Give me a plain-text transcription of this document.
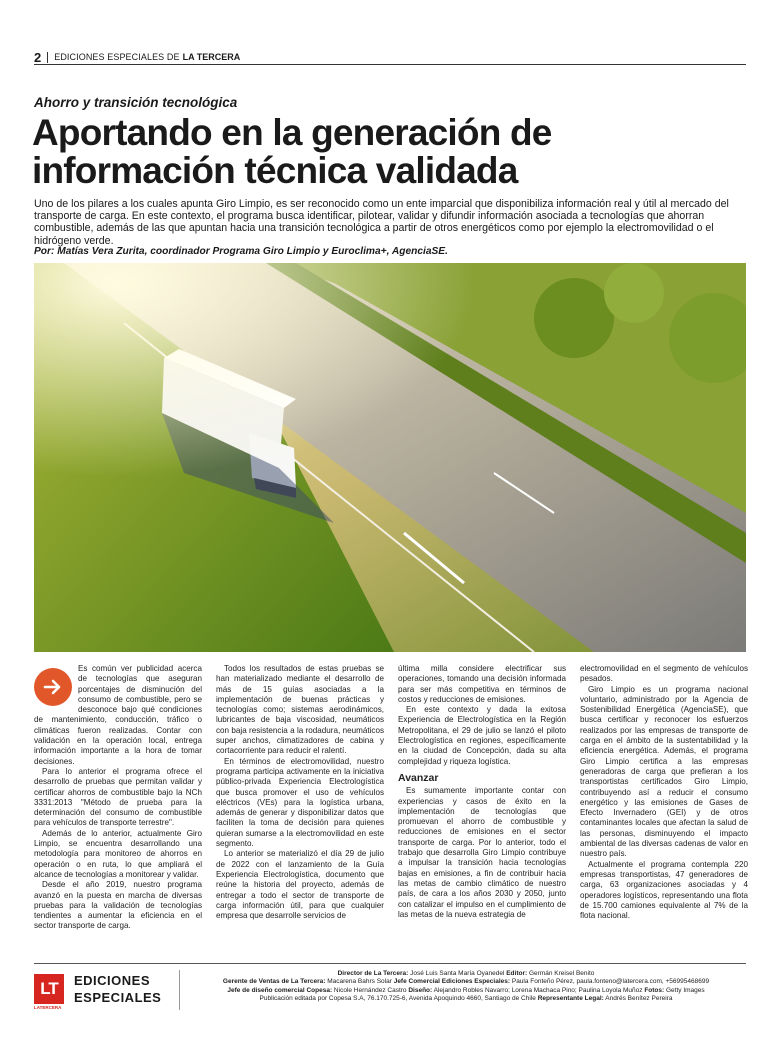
2 EDICIONES ESPECIALES DE LA TERCERA
Ahorro y transición tecnológica
Aportando en la generación de información técnica validada

Uno de los pilares a los cuales apunta Giro Limpio, es ser reconocido como un ente imparcial que disponibiliza información real y útil al mercado del transporte de carga. En este contexto, el programa busca identificar, pilotear, validar y difundir información asociada a tecnologías que ahorran combustible, además de las que apuntan hacia una transición tecnológica a partir de otros energéticos como por ejemplo la electromovilidad o el hidrógeno verde.

Por: Matías Vera Zurita, coordinador Programa Giro Limpio y Euroclima+, AgenciaSE.

Es común ver publicidad acerca de tecnologías que aseguran porcentajes de disminución del consumo de combustible, pero se desconoce bajo qué condiciones de mantenimiento, conducción, tráfico o climáticas fueron realizadas. Contar con validación en la operación local, entrega información importante a la hora de tomar decisiones.

Para lo anterior el programa ofrece el desarrollo de pruebas que permitan validar y certificar ahorros de combustible bajo la NCh 3331:2013 "Método de prueba para la determinación del consumo de combustible para vehículos de transporte terrestre".

Además de lo anterior, actualmente Giro Limpio, se encuentra desarrollando una metodología para monitoreo de ahorros en operación o en ruta, lo que ampliará el alcance de tecnologías a monitorear y validar.

Desde el año 2019, nuestro programa avanzó en la puesta en marcha de diversas pruebas para la validación de tecnologías tendientes a aumentar la eficiencia en el sector transporte de carga.

Todos los resultados de estas pruebas se han materializado mediante el desarrollo de más de 15 guías asociadas a la implementación de buenas prácticas y tecnologías como; sistemas aerodinámicos, lubricantes de baja viscosidad, neumáticos con baja resistencia a la rodadura, neumáticos super anchos, climatizadores de cabina y cortacorriente para reducir el ralentí.

En términos de electromovilidad, nuestro programa participa activamente en la iniciativa público-privada Experiencia Electrologística que busca promover el uso de vehículos eléctricos (VEs) para la logística urbana, además de generar y disponibilizar datos que faciliten la toma de decisión para quienes quieran sumarse a la electromovilidad en este segmento.

Lo anterior se materializó el día 29 de julio de 2022 con el lanzamiento de la Guía Experiencia Electrologística, documento que reúne la historia del proyecto, además de entregar a todo el sector de transporte de carga información útil, para que cualquier empresa que desarrolle servicios de

última milla considere electrificar sus operaciones, tomando una decisión informada para ser más competitiva en términos de costos y reducciones de emisiones.

En este contexto y dada la exitosa Experiencia de Electrologística en la Región Metropolitana, el 29 de julio se lanzó el piloto Electrologística en regiones, específicamente en la ciudad de Concepción, dada su alta complejidad y riqueza logística.

Avanzar

Es sumamente importante contar con experiencias y casos de éxito en la implementación de tecnologías que promuevan el ahorro de combustible y reducciones de emisiones en el sector transporte de carga. Por lo anterior, todo el trabajo que desarrolla Giro Limpio contribuye a impulsar la transición hacia tecnologías bajas en emisiones, a fin de contribuir hacia las metas de cambio climático de nuestro país, de cara a los años 2030 y 2050, junto con catalizar el impulso en el cumplimiento de las metas de la nueva estrategia de

electromovilidad en el segmento de vehículos pesados.

Giro Limpio es un programa nacional voluntario, administrado por la Agencia de Sostenibilidad Energética (AgenciaSE), que busca certificar y reconocer los esfuerzos realizados por las empresas de transporte de carga en el ámbito de la sustentabilidad y la eficiencia energética. Además, el programa Giro Limpio certifica a las empresas generadoras de carga que prefieran a los transportistas certificados Giro Limpio, contribuyendo así a reducir el consumo energético y las emisiones de Gases de Efecto Invernadero (GEI) y de otros contaminantes locales que afectan la salud de las personas, disminuyendo el impacto ambiental de las diversas cadenas de valor en nuestro país.

Actualmente el programa contempla 220 empresas transportistas, 47 generadores de carga, 63 organizaciones asociadas y 4 operadores logísticos, representando una flota de 15.700 camiones equivalente al 7% de la flota nacional.

LT
LATERCERA
EDICIONES
ESPECIALES
Director de La Tercera: José Luis Santa María Oyanedel Editor: Germán Kreisel Benito
Gerente de Ventas de La Tercera: Macarena Bahrs Solar Jefe Comercial Ediciones Especiales: Paula Fonteño Pérez, paula.fonteno@latercera.com, +56995468699
Jefe de diseño comercial Copesa: Nicole Hernández Castro Diseño: Alejandro Robles Navarro; Lorena Machaca Pino; Paulina Loyola Muñoz Fotos: Getty Images
Publicación editada por Copesa S.A, 76.170.725-6, Avenida Apoquindo 4660, Santiago de Chile Representante Legal: Andrés Benítez Pereira
